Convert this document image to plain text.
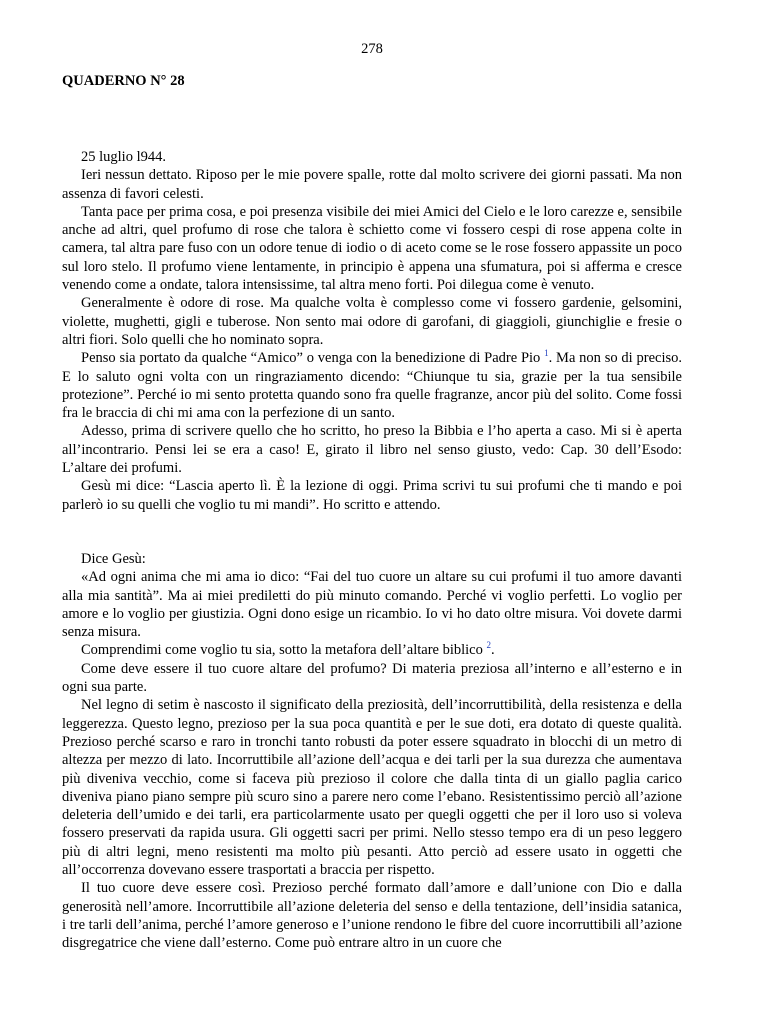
278
QUADERNO N° 28

25 luglio l944.

Ieri nessun dettato. Riposo per le mie povere spalle, rotte dal molto scrivere dei giorni passati. Ma non assenza di favori celesti.

Tanta pace per prima cosa, e poi presenza visibile dei miei Amici del Cielo e le loro carezze e, sensibile anche ad altri, quel profumo di rose che talora è schietto come vi fossero cespi di rose appena colte in camera, tal altra pare fuso con un odore tenue di iodio o di aceto come se le rose fossero appassite un poco sul loro stelo. Il profumo viene lentamente, in principio è appena una sfumatura, poi si afferma e cresce venendo come a ondate, talora intensissime, tal altra meno forti. Poi dilegua come è venuto.

Generalmente è odore di rose. Ma qualche volta è complesso come vi fossero gardenie, gelsomini, violette, mughetti, gigli e tuberose. Non sento mai odore di garofani, di giaggioli, giunchiglie e fresie o altri fiori. Solo quelli che ho nominato sopra.

Penso sia portato da qualche “Amico” o venga con la benedizione di Padre Pio $^1$. Ma non so di preciso. E lo saluto ogni volta con un ringraziamento dicendo: “Chiunque tu sia, grazie per la tua sensibile protezione”. Perché io mi sento protetta quando sono fra quelle fragranze, ancor più del solito. Come fossi fra le braccia di chi mi ama con la perfezione di un santo.

Adesso, prima di scrivere quello che ho scritto, ho preso la Bibbia e l’ho aperta a caso. Mi si è aperta all’incontrario. Pensi lei se era a caso! E, girato il libro nel senso giusto, vedo: Cap. 30 dell’Esodo: L’altare dei profumi.

Gesù mi dice: “Lascia aperto lì. È la lezione di oggi. Prima scrivi tu sui profumi che ti mando e poi parlerò io su quelli che voglio tu mi mandi”. Ho scritto e attendo.

Dice Gesù:

«Ad ogni anima che mi ama io dico: “Fai del tuo cuore un altare su cui profumi il tuo amore davanti alla mia santità”. Ma ai miei prediletti do più minuto comando. Perché vi voglio perfetti. Lo voglio per amore e lo voglio per giustizia. Ogni dono esige un ricambio. Io vi ho dato oltre misura. Voi dovete darmi senza misura.

Comprendimi come voglio tu sia, sotto la metafora dell’altare biblico $^2$.

Come deve essere il tuo cuore altare del profumo? Di materia preziosa all’interno e all’esterno e in ogni sua parte.

Nel legno di setim è nascosto il significato della preziosità, dell’incorruttibilità, della resistenza e della leggerezza. Questo legno, prezioso per la sua poca quantità e per le sue doti, era dotato di queste qualità. Prezioso perché scarso e raro in tronchi tanto robusti da poter essere squadrato in blocchi di un metro di altezza per mezzo di lato. Incorruttibile all’azione dell’acqua e dei tarli per la sua durezza che aumentava più diveniva vecchio, come si faceva più prezioso il colore che dalla tinta di un giallo paglia carico diveniva piano piano sempre più scuro sino a parere nero come l’ebano. Resistentissimo perciò all’azione deleteria dell’umido e dei tarli, era particolarmente usato per quegli oggetti che per il loro uso si voleva fossero preservati da rapida usura. Gli oggetti sacri per primi. Nello stesso tempo era di un peso leggero più di altri legni, meno resistenti ma molto più pesanti. Atto perciò ad essere usato in oggetti che all’occorrenza dovevano essere trasportati a braccia per rispetto.

Il tuo cuore deve essere così. Prezioso perché formato dall’amore e dall’unione con Dio e dalla generosità nell’amore. Incorruttibile all’azione deleteria del senso e della tentazione, dell’insidia satanica, i tre tarli dell’anima, perché l’amore generoso e l’unione rendono le fibre del cuore incorruttibili all’azione disgregatrice che viene dall’esterno. Come può entrare altro in un cuore che
